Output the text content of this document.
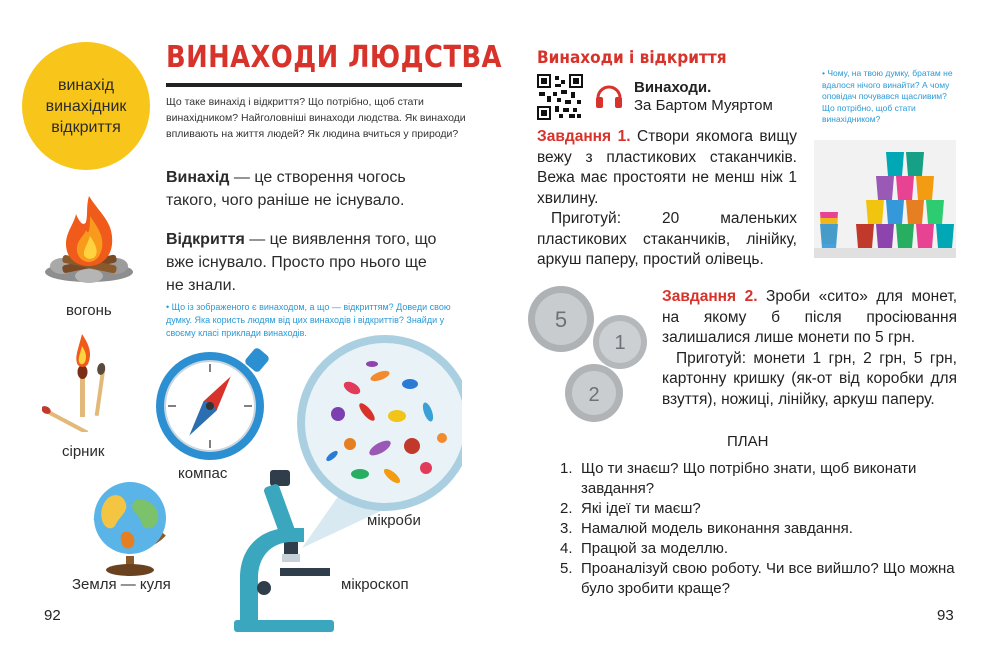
винахід
винахідник
відкриття
ВИНАХОДИ ЛЮДСТВА
Що таке винахід і відкриття? Що потрібно, щоб стати винахідником? Найголовніші винаходи людства. Як винаходи впливають на життя людей? Як людина вчиться у природи?
Винахід — це створення чогось такого, чого раніше не існувало.
Відкриття — це виявлення того, що вже існувало. Просто про нього ще не знали.
• Що із зображеного є винаходом, а що — відкриттям? Доведи свою думку. Яка користь людям від цих винаходів і відкриттів? Знайди у своєму класі приклади винаходів.
вогонь
сірник
компас
Земля — куля
мікроби
мікроскоп
92
Винаходи і відкриття
Винаходи.
За Бартом Муяртом
Завдання 1. Створи якомога вищу вежу з пластикових стаканчиків. Вежа має простояти не менш ніж 1 хвилину.
Приготуй: 20 маленьких пластикових стаканчиків, лінійку, аркуш паперу, простий олівець.
• Чому, на твою думку, братам не вдалося нічого винайти? А чому оповідач почувався щасливим? Що потрібно, щоб стати винахідником?
5
1
2
Завдання 2. Зроби «сито» для монет, на якому б після просіювання залишалися лише монети по 5 грн.
Приготуй: монети 1 грн, 2 грн, 5 грн, картонну кришку (як-от від коробки для взуття), ножиці, лінійку, аркуш паперу.
ПЛАН
1. Що ти знаєш? Що потрібно знати, щоб виконати завдання?
2. Які ідеї ти маєш?
3. Намалюй модель виконання завдання.
4. Працюй за моделлю.
5. Проаналізуй свою роботу. Чи все вийшло? Що можна було зробити краще?
93
